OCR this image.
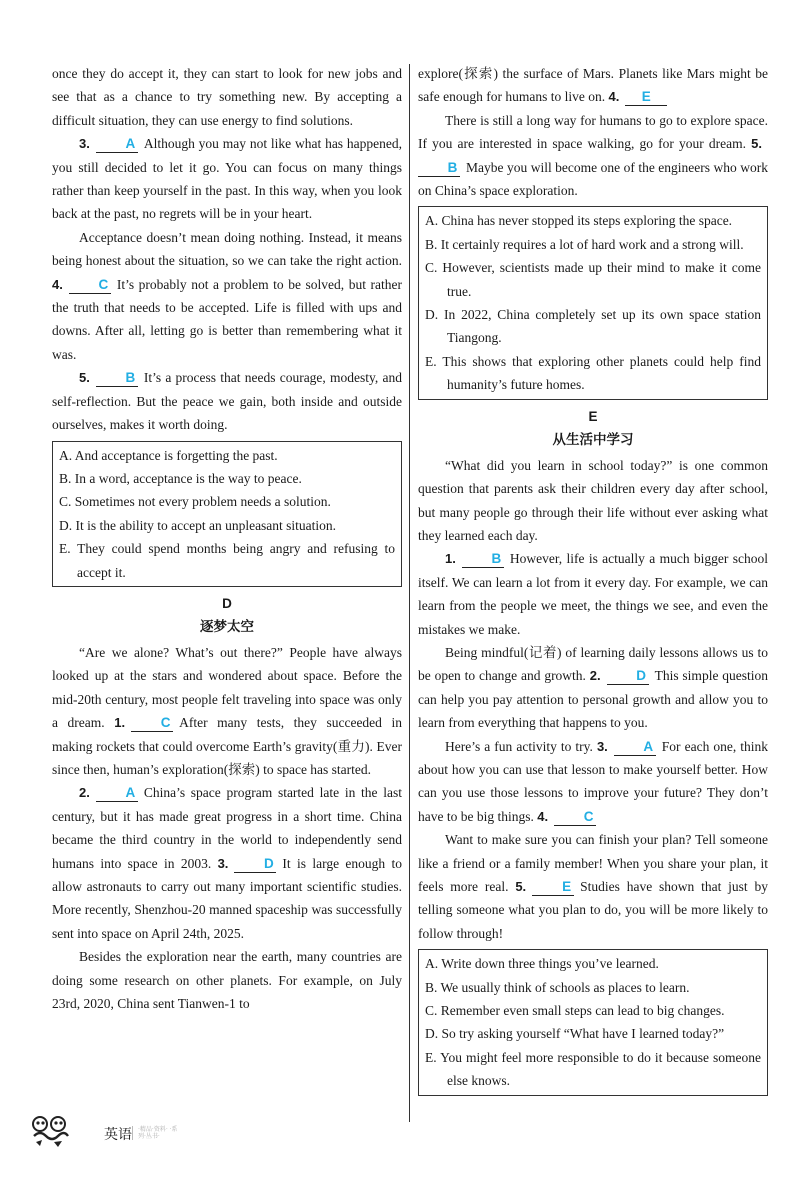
once they do accept it, they can start to look for new jobs and see that as a chance to try something new. By accepting a difficult situation, they can use energy to find solutions.

3.	A Although you may not like what has happened, you still decided to let it go. You can focus on many things rather than keep yourself in the past. In this way, when you look back at the past, no regrets will be in your heart.

Acceptance doesn’t mean doing nothing. Instead, it means being honest about the situation, so we can take the right action. 4.	C It’s probably not a problem to be solved, but rather the truth that needs to be accepted. Life is filled with ups and downs. After all, letting go is better than remembering what it was.

5.	B It’s a process that needs courage, modesty, and self-reflection. But the peace we gain, both inside and outside ourselves, makes it worth doing.

A. And acceptance is forgetting the past.
B. In a word, acceptance is the way to peace.
C. Sometimes not every problem needs a solution.
D. It is the ability to accept an unpleasant situation.
E. They could spend months being angry and refusing to accept it.
D
逐梦太空

“Are we alone? What’s out there?” People have always looked up at the stars and wondered about space. Before the mid-20th century, most people felt traveling into space was only a dream. 1.	C After many tests, they succeeded in making rockets that could overcome Earth’s gravity(重力). Ever since then, human’s exploration(探索) to space has started.

2.	A China’s space program started late in the last century, but it has made great progress in a short time. China became the third country in the world to independently send humans into space in 2003. 3.	D It is large enough to allow astronauts to carry out many important scientific studies. More recently, Shenzhou-20 manned spaceship was successfully sent into space on April 24th, 2025.

Besides the exploration near the earth, many countries are doing some research on other planets. For example, on July 23rd, 2020, China sent Tianwen-1 to

explore(探索) the surface of Mars. Planets like Mars might be safe enough for humans to live on. 4. E

There is still a long way for humans to go to explore space. If you are interested in space walking, go for your dream. 5.B Maybe you will become one of the engineers who work on China’s space exploration.

A. China has never stopped its steps exploring the space.
B. It certainly requires a lot of hard work and a strong will.
C. However, scientists made up their mind to make it come true.
D. In 2022, China completely set up its own space station Tiangong.
E. This shows that exploring other planets could help find humanity’s future homes.
E
从生活中学习

“What did you learn in school today?” is one common question that parents ask their children every day after school, but many people go through their life without ever asking what they learned each day.

1.	B However, life is actually a much bigger school itself. We can learn a lot from it every day. For example, we can learn from the people we meet, the things we see, and even the mistakes we make.

Being mindful(记着) of learning daily lessons allows us to be open to change and growth. 2.	D This simple question can help you pay attention to personal growth and allow you to learn from everything that happens to you.

Here’s a fun activity to try. 3.	A For each one, think about how you can use that lesson to make yourself better. How can you use those lessons to improve your future? They don’t have to be big things. 4.	C

Want to make sure you can finish your plan? Tell someone like a friend or a family member! When you share your plan, it feels more real. 5.	E Studies have shown that just by telling someone what you plan to do, you will be more likely to follow through!

A. Write down three things you’ve learned.
B. We usually think of schools as places to learn.
C. Remember even small steps can lead to big changes.
D. So try asking yourself “What have I learned today?”
E. You might feel more responsible to do it because someone else knows.
英语 ·精品·资料· ·系列·丛书·
